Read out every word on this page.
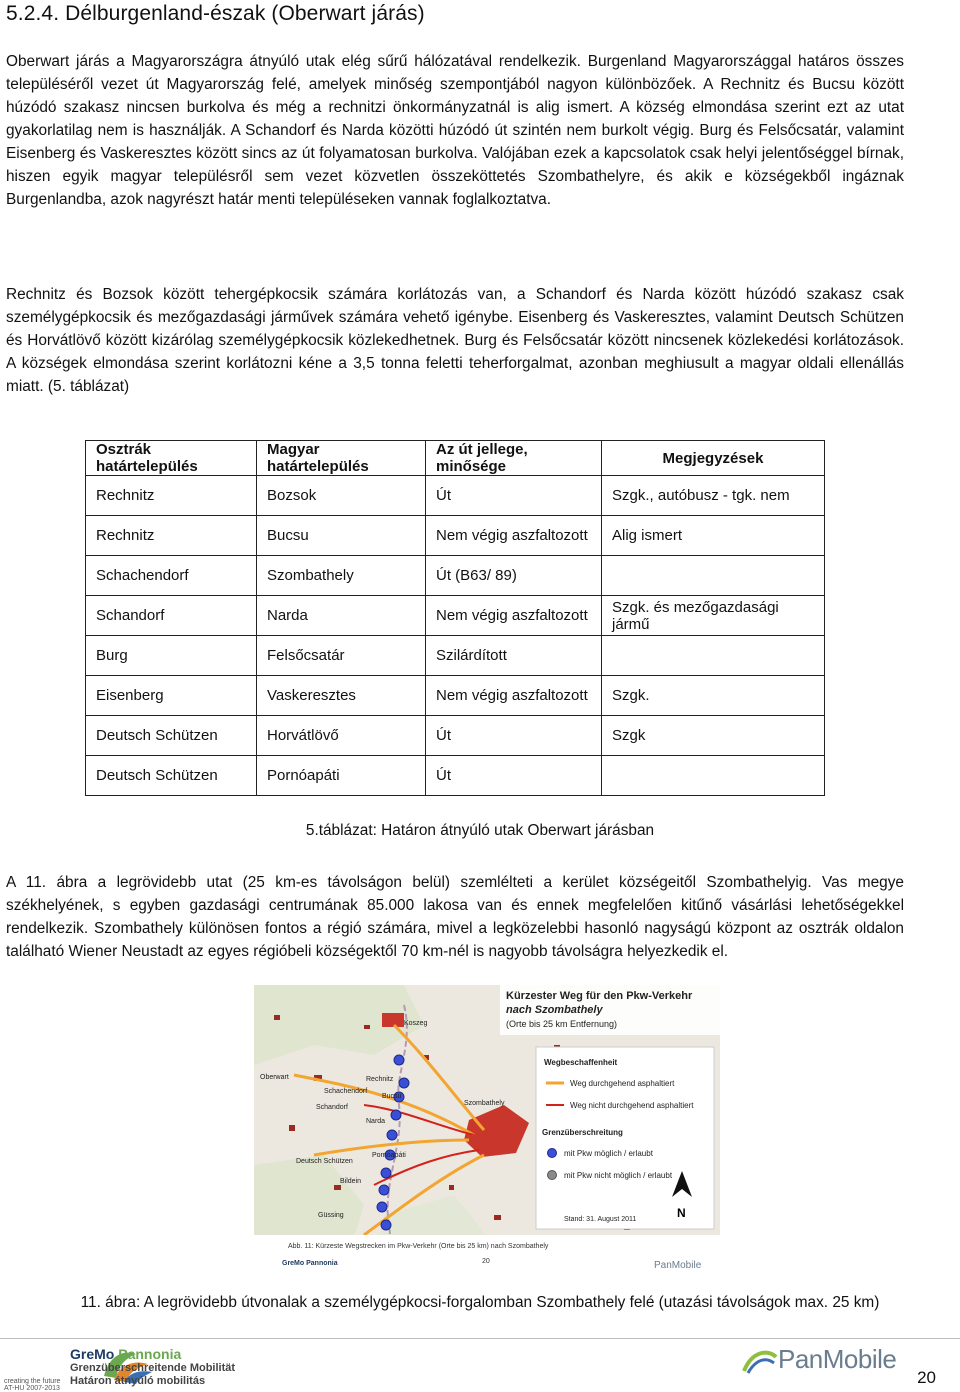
5.2.4. Délburgenland-észak (Oberwart járás)

Oberwart járás a Magyarországra átnyúló utak elég sűrű hálózatával rendelkezik. Burgenland Magyarországgal határos összes településéről vezet út Magyarország felé, amelyek minőség szempontjából nagyon különbözőek. A Rechnitz és Bucsu között húzódó szakasz nincsen burkolva és még a rechnitzi önkormányzatnál is alig ismert. A község elmondása szerint ezt az utat gyakorlatilag nem is használják. A Schandorf és Narda közötti húzódó út szintén nem burkolt végig. Burg és Felsőcsatár, valamint Eisenberg és Vaskeresztes között sincs az út folyamatosan burkolva. Valójában ezek a kapcsolatok csak helyi jelentőséggel bírnak, hiszen egyik magyar településről sem vezet közvetlen összeköttetés Szombathelyre, és akik e községekből ingáznak Burgenlandba, azok nagyrészt határ menti településeken vannak foglalkoztatva.

Rechnitz és Bozsok között tehergépkocsik számára korlátozás van, a Schandorf és Narda között húzódó szakasz csak személygépkocsik és mezőgazdasági járművek számára vehető igénybe. Eisenberg és Vaskeresztes, valamint Deutsch Schützen és Horvátlövő között kizárólag személygépkocsik közlekedhetnek. Burg és Felsőcsatár között nincsenek közlekedési korlátozások. A községek elmondása szerint korlátozni kéne a 3,5 tonna feletti teherforgalmat, azonban meghiusult a magyar oldali ellenállás miatt. (5. táblázat)

Osztrák határtelepülés	Magyar határtelepülés	Az út jellege, minősége	Megjegyzések
Rechnitz	Bozsok	Út	Szgk., autóbusz - tgk. nem
Rechnitz	Bucsu	Nem végig aszfaltozott	Alig ismert
Schachendorf	Szombathely	Út (B63/ 89)	
Schandorf	Narda	Nem végig aszfaltozott	Szgk. és mezőgazdasági jármű
Burg	Felsőcsatár	Szilárdított	
Eisenberg	Vaskeresztes	Nem végig aszfaltozott	Szgk.
Deutsch Schützen	Horvátlövő	Út	Szgk
Deutsch Schützen	Pornóapáti	Út	
5.táblázat: Határon átnyúló utak Oberwart járásban

A 11. ábra a legrövidebb utat (25 km-es távolságon belül) szemlélteti a kerület községeitől Szombathelyig. Vas megye székhelyének, s egyben gazdasági centrumának 85.000 lakosa van és ennek megfelelően kitűnő vásárlási lehetőségekkel rendelkezik. Szombathely különösen fontos a régió számára, mivel a legközelebbi hasonló nagyságú központ az osztrák oldalon található Wiener Neustadt az egyes régióbeli községektől 70 km-nél is nagyobb távolságra helyezkedik el.

Koszeg
Oberwart	Rechnitz
Schachendorf
Bucsu
Schandorf
Narda
Szombathely
Deutsch Schützen
Pornóapáti
Bildein
Güssing
Kürzester Weg für den Pkw-Verkehr
nach Szombathely
(Orte bis 25 km Entfernung)
Wegbeschaffenheit
Weg durchgehend asphaltiert
Weg nicht durchgehend asphaltiert
Grenzüberschreitung
mit Pkw möglich / erlaubt
mit Pkw nicht möglich / erlaubt
Stand: 31. August 2011	N
Abb. 11: Kürzeste Wegstrecken im Pkw-Verkehr (Orte bis 25 km) nach Szombathely
20
GreMo Pannonia	PanMobile
11. ábra: A legrövidebb útvonalak a személygépkocsi-forgalomban Szombathely felé (utazási távolságok max. 25 km)
creating the future
AT-HU 2007-2013
GreMo Pannonia
Grenzüberschreitende Mobilität
Határon átnyúló mobilitás
PanMobile
20
